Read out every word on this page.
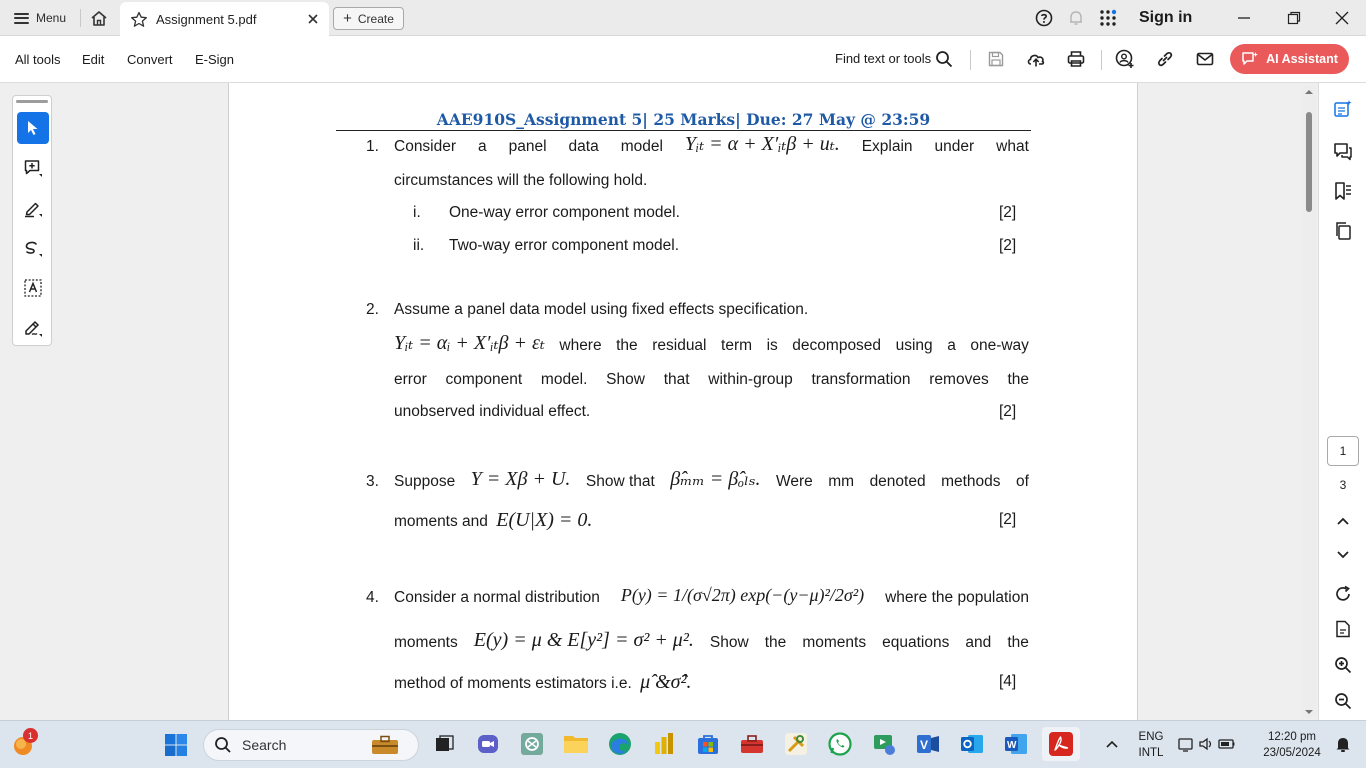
Menu	Assignment 5.pdf	+ Create	Sign in
All tools Edit Convert E-Sign	Find text or tools	AI Assistant
AAE910S_Assignment 5| 25 Marks| Due: 27 May @ 23:59
1. Consider a panel data model Yᵢₜ = α + X′ᵢₜβ + uₜ. Explain under what
circumstances will the following hold.
i. One-way error component model.	[2]
ii. Two-way error component model.	[2]
2. Assume a panel data model using fixed effects specification.
Yᵢₜ = αᵢ + X′ᵢₜβ + εₜ where the residual term is decomposed using a one-way
error component model. Show that within-group transformation removes the
unobserved individual effect.	[2]
3. Suppose Y = Xβ + U. Show that β̂ₘₘ = β̂ₒₗₛ. Were mm denoted methods of
moments and E(U|X) = 0.	[2]
4. Consider a normal distribution P(y) = 1/(σ√2π) exp(−(y−μ)²/2σ²) where the population
moments E(y) = μ & E[y²] = σ² + μ². Show the moments equations and the
method of moments estimators i.e. μ̂ &σ̂².	[4]
1
3
1
Search	V	W
ENG
INTL
12:20 pm
23/05/2024
